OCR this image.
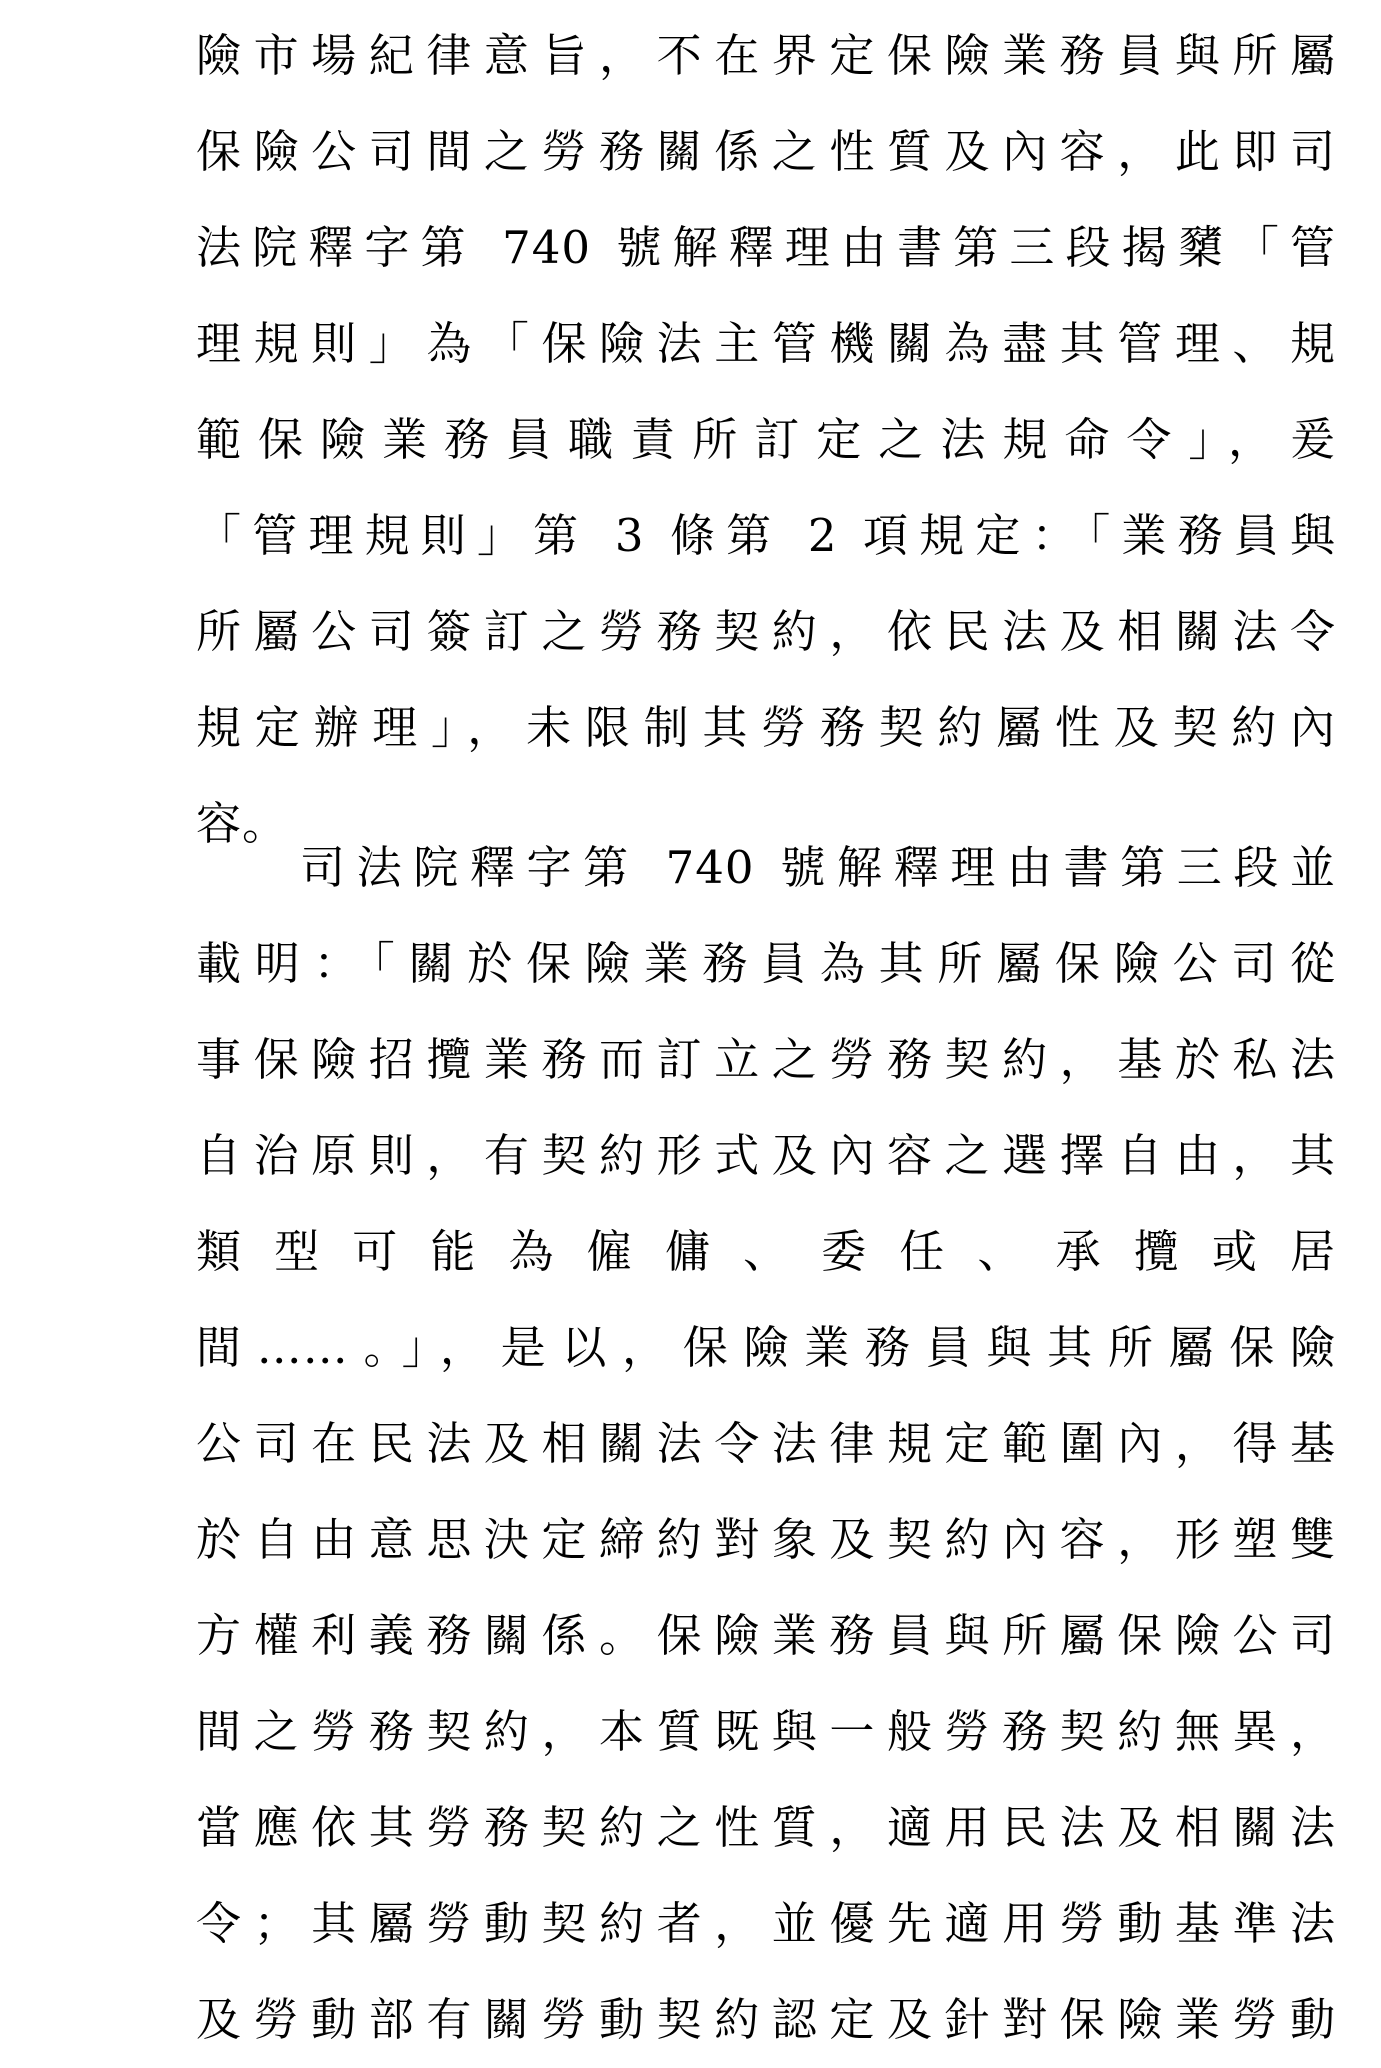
險市場紀律意旨，不在界定保險業務員與所屬
保險公司間之勞務關係之性質及內容，此即司
法院釋字第 740 號解釋理由書第三段揭櫫「管
理規則」為「保險法主管機關為盡其管理、規
範保險業務員職責所訂定之法規命令」，爰
「管理規則」第 3 條第 2 項規定：「業務員與
所屬公司簽訂之勞務契約，依民法及相關法令
規定辦理」，未限制其勞務契約屬性及契約內
容。
司法院釋字第 740 號解釋理由書第三段並
載明：「關於保險業務員為其所屬保險公司從
事保險招攬業務而訂立之勞務契約，基於私法
自治原則，有契約形式及內容之選擇自由，其
類型可能為僱傭、委任、承攬或居
間……。」，是以，保險業務員與其所屬保險
公司在民法及相關法令法律規定範圍內，得基
於自由意思決定締約對象及契約內容，形塑雙
方權利義務關係。保險業務員與所屬保險公司
間之勞務契約，本質既與一般勞務契約無異，
當應依其勞務契約之性質，適用民法及相關法
令；其屬勞動契約者，並優先適用勞動基準法
及勞動部有關勞動契約認定及針對保險業勞動
